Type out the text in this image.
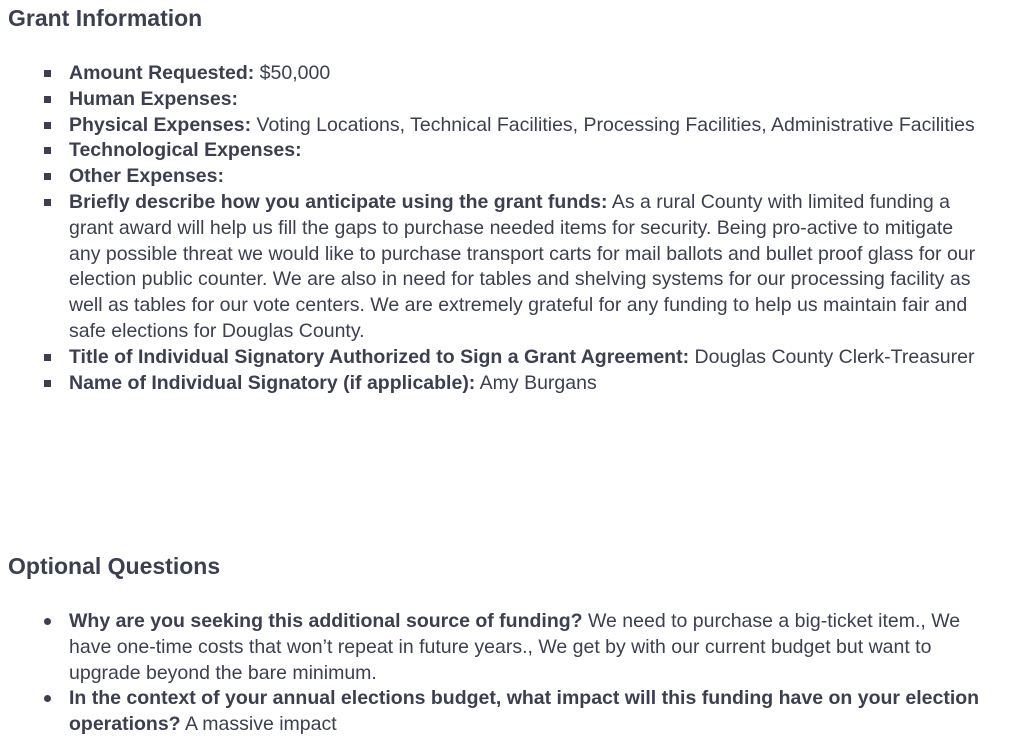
Grant Information
Amount Requested: $50,000
Human Expenses:
Physical Expenses: Voting Locations, Technical Facilities, Processing Facilities, Administrative Facilities
Technological Expenses:
Other Expenses:
Briefly describe how you anticipate using the grant funds: As a rural County with limited funding a grant award will help us fill the gaps to purchase needed items for security. Being pro-active to mitigate any possible threat we would like to purchase transport carts for mail ballots and bullet proof glass for our election public counter. We are also in need for tables and shelving systems for our processing facility as well as tables for our vote centers. We are extremely grateful for any funding to help us maintain fair and safe elections for Douglas County.
Title of Individual Signatory Authorized to Sign a Grant Agreement: Douglas County Clerk-Treasurer
Name of Individual Signatory (if applicable): Amy Burgans
Optional Questions
Why are you seeking this additional source of funding? We need to purchase a big-ticket item., We have one-time costs that won’t repeat in future years., We get by with our current budget but want to upgrade beyond the bare minimum.
In the context of your annual elections budget, what impact will this funding have on your election operations? A massive impact
